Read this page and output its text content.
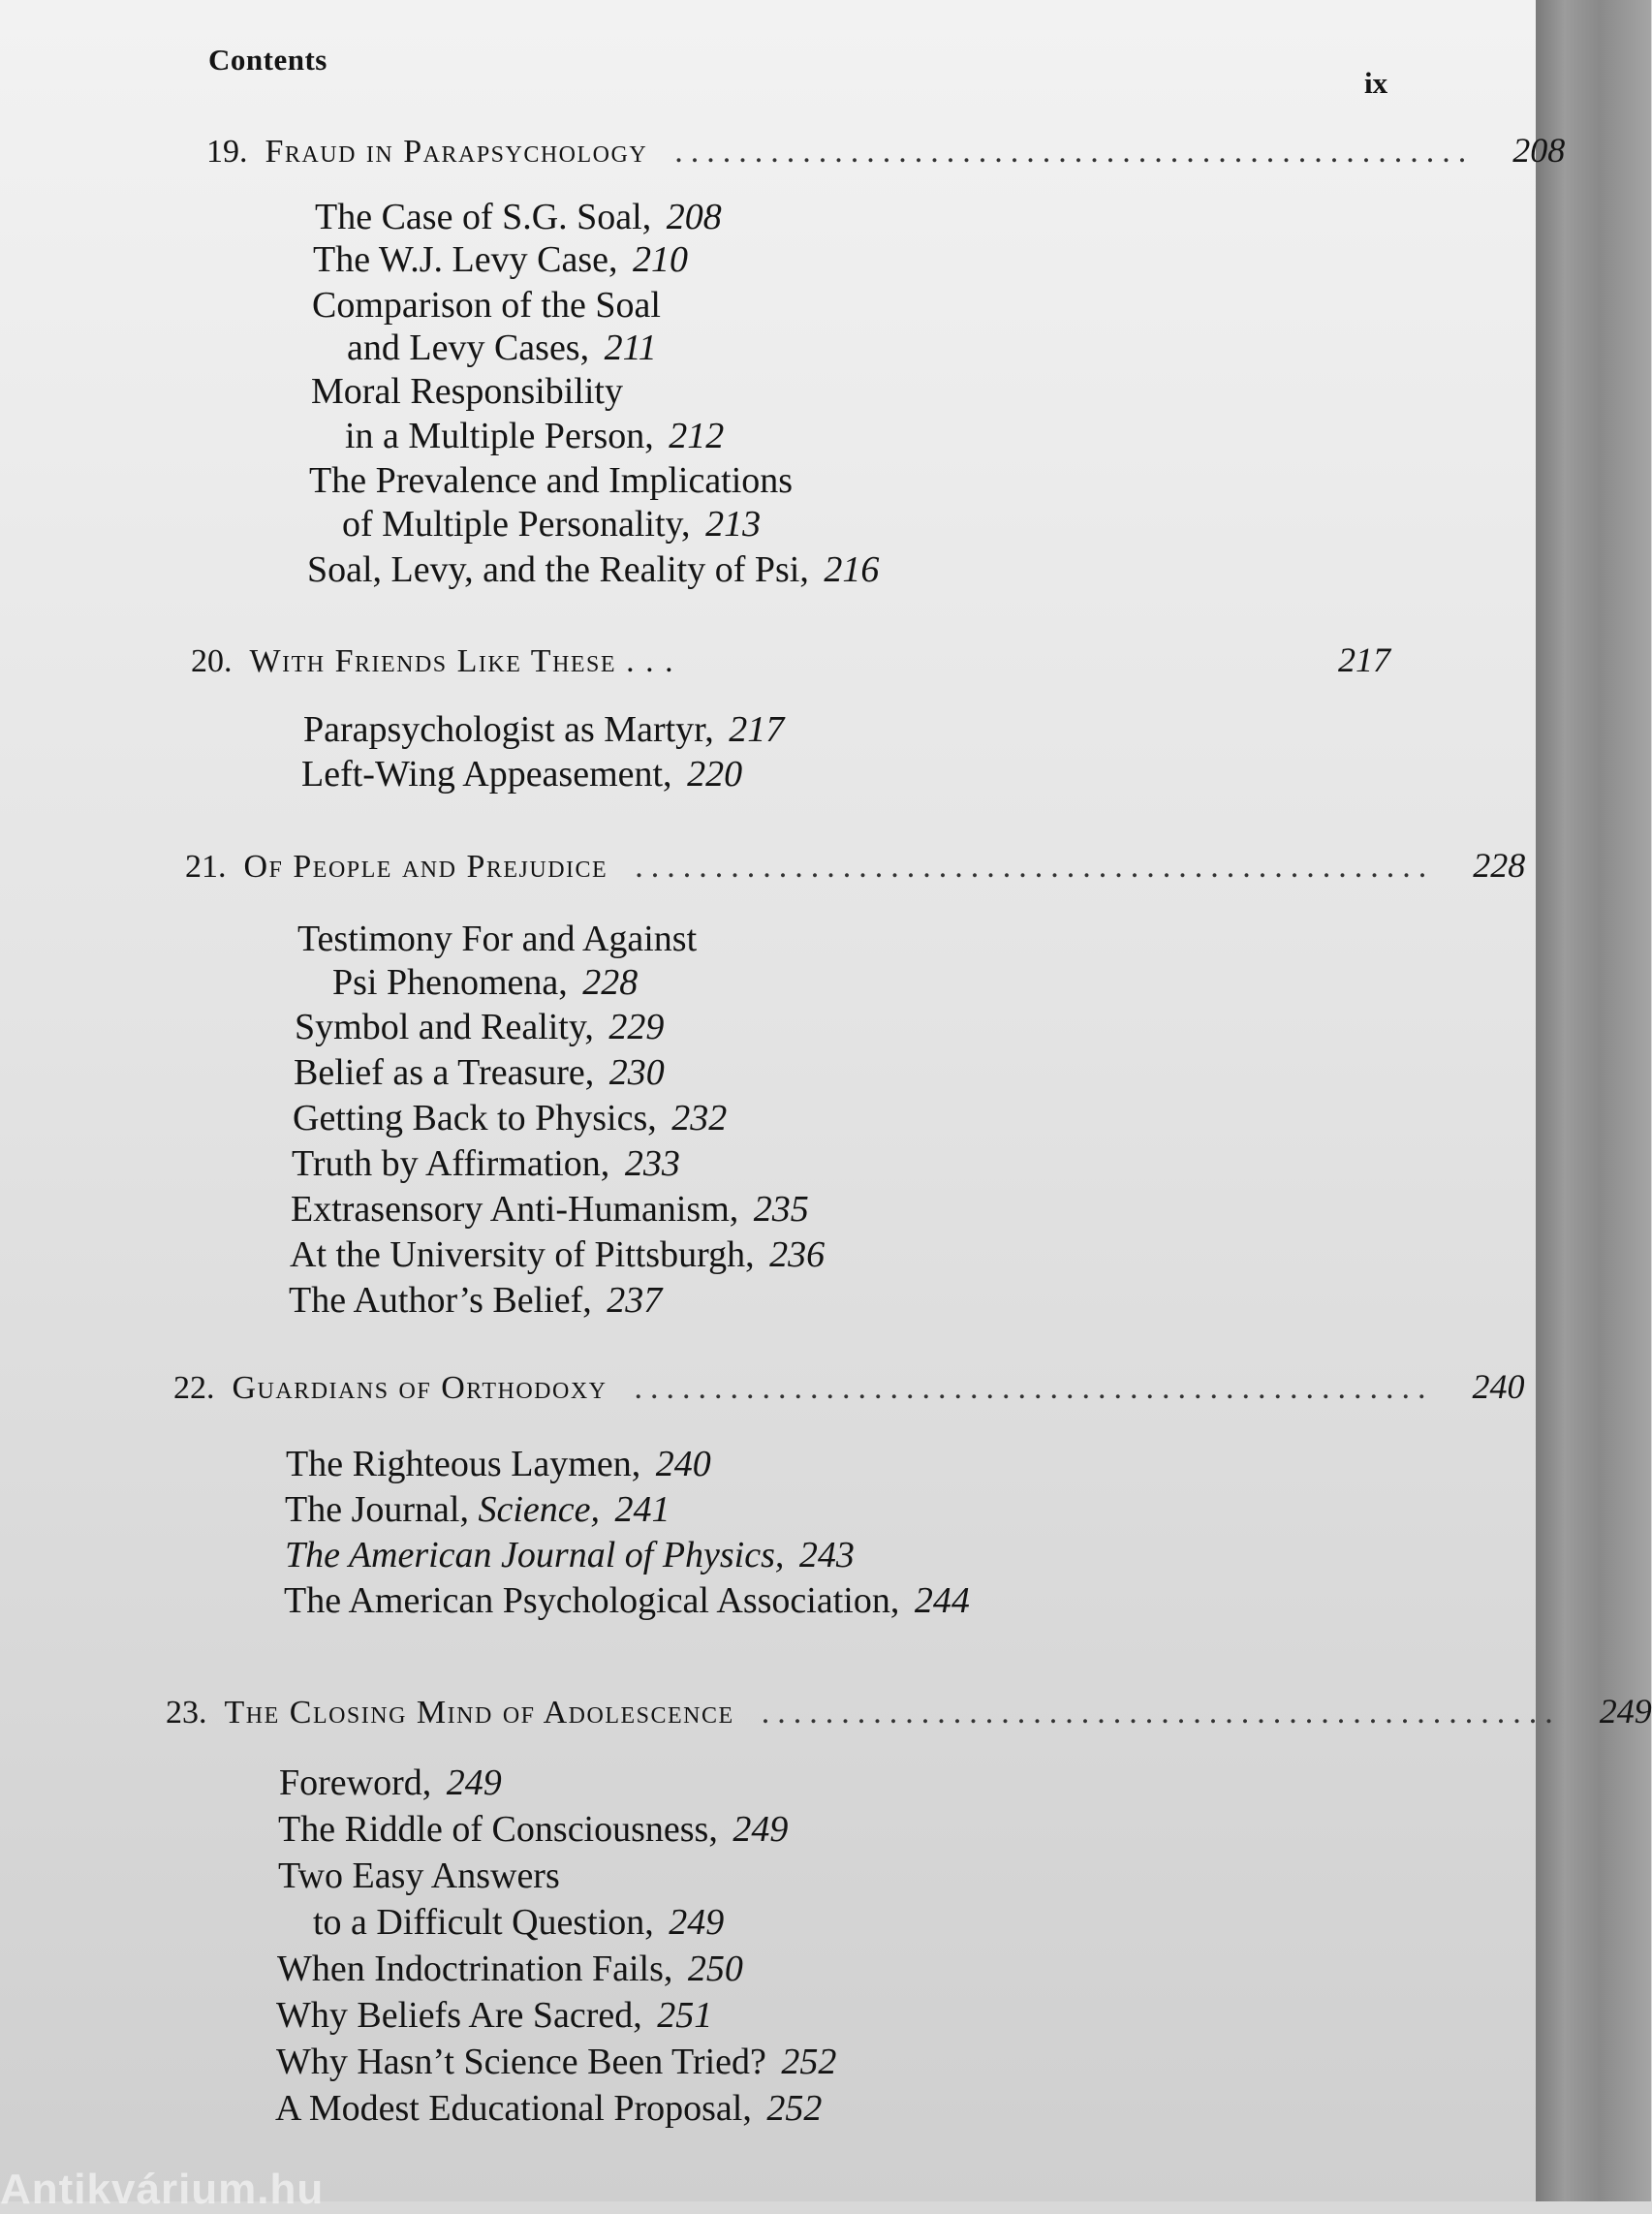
Contents
ix
19. Fraud in Parapsychology .................................................. 208
The Case of S.G. Soal, 208
The W.J. Levy Case, 210
Comparison of the Soal
and Levy Cases, 211
Moral Responsibility
in a Multiple Person, 212
The Prevalence and Implications
of Multiple Personality, 213
Soal, Levy, and the Reality of Psi, 216
20. With Friends Like These . . .	217
Parapsychologist as Martyr, 217
Left-Wing Appeasement, 220
21. Of People and Prejudice .................................................. 228
Testimony For and Against
Psi Phenomena, 228
Symbol and Reality, 229
Belief as a Treasure, 230
Getting Back to Physics, 232
Truth by Affirmation, 233
Extrasensory Anti-Humanism, 235
At the University of Pittsburgh, 236
The Author’s Belief, 237
22. Guardians of Orthodoxy .................................................. 240
The Righteous Laymen, 240
The Journal, Science, 241
The American Journal of Physics, 243
The American Psychological Association, 244
23. The Closing Mind of Adolescence .................................................. 249
Foreword, 249
The Riddle of Consciousness, 249
Two Easy Answers
to a Difficult Question, 249
When Indoctrination Fails, 250
Why Beliefs Are Sacred, 251
Why Hasn’t Science Been Tried? 252
A Modest Educational Proposal, 252
Antikvárium.hu
